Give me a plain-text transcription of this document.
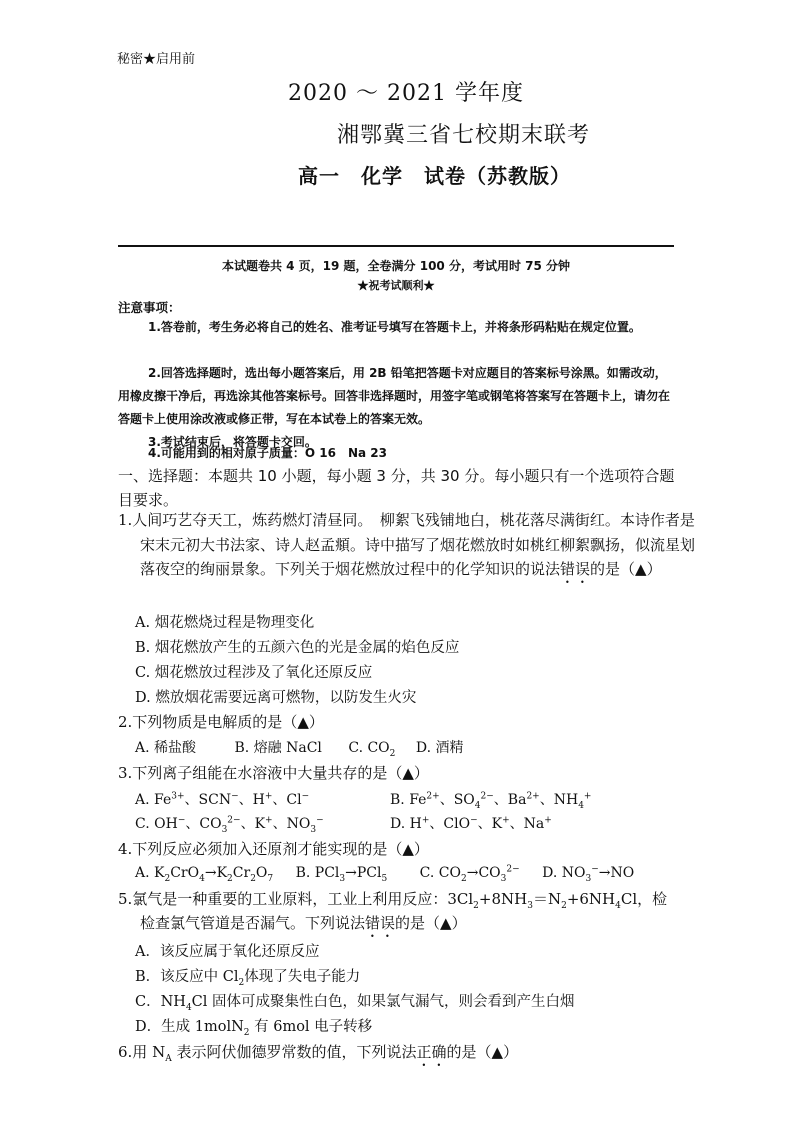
秘密★启用前
2020 ～ 2021 学年度
湘鄂冀三省七校期末联考
高一　化学　试卷（苏教版）
本试题卷共 4 页，19 题，全卷满分 100 分，考试用时 75 分钟
★祝考试顺利★
注意事项：
1.答卷前，考生务必将自己的姓名、准考证号填写在答题卡上，并将条形码粘贴在规定位置。
2.回答选择题时，选出每小题答案后，用 2B 铅笔把答题卡对应题目的答案标号涂黑。如需改动，用橡皮擦干净后，再选涂其他答案标号。回答非选择题时，用签字笔或钢笔将答案写在答题卡上，请勿在答题卡上使用涂改液或修正带，写在本试卷上的答案无效。
3.考试结束后，将答题卡交回。
4.可能用到的相对原子质量：O 16　Na 23
一、选择题：本题共 10 小题，每小题 3 分，共 30 分。每小题只有一个选项符合题目要求。
1.人间巧艺夺天工，炼药燃灯清昼同。　柳絮飞残铺地白，桃花落尽满街红。本诗作者是宋末元初大书法家、诗人赵孟頫。诗中描写了烟花燃放时如桃红柳絮飘扬，似流星划落夜空的绚丽景象。下列关于烟花燃放过程中的化学知识的说法错误的是（▲）
A. 烟花燃烧过程是物理变化
B. 烟花燃放产生的五颜六色的光是金属的焰色反应
C. 烟花燃放过程涉及了氧化还原反应
D. 燃放烟花需要远离可燃物，以防发生火灾
2.下列物质是电解质的是（▲）
A. 稀盐酸	B. 熔融 NaCl C. $CO_2$ D. 酒精
3.下列离子组能在水溶液中大量共存的是（▲）
A. $Fe^{3+}$、SCN−、H+、Cl−	B. $Fe^{2+}$、$SO_4^{2-}$、$Ba^{2+}$、$NH_4^+$
C. OH−、$CO_3^{2-}$、K+、$NO_3^-$	D. H+、ClO−、K+、Na+
4.下列反应必须加入还原剂才能实现的是（▲）
A. $K_2CrO_4\to K_2Cr_2O_7$ B. PCl$_3$→PCl$_5$ C. $CO_2\to CO_3^{2-}$ D. $NO_3^-\to NO$
5.氯气是一种重要的工业原料，工业上利用反应：$3Cl_2+8NH_3=N_2+6NH_4Cl$，检
检查氯气管道是否漏气。下列说法错误的是（▲）
A．该反应属于氧化还原反应
B．该反应中 $Cl_2$体现了失电子能力
C．$NH_4Cl$ 固体可成聚集性白色，如果氯气漏气，则会看到产生白烟
D．生成 1molN$_2$ 有 6mol 电子转移
6.用 $N_A$ 表示阿伏伽德罗常数的值，下列说法正确的是（▲）
